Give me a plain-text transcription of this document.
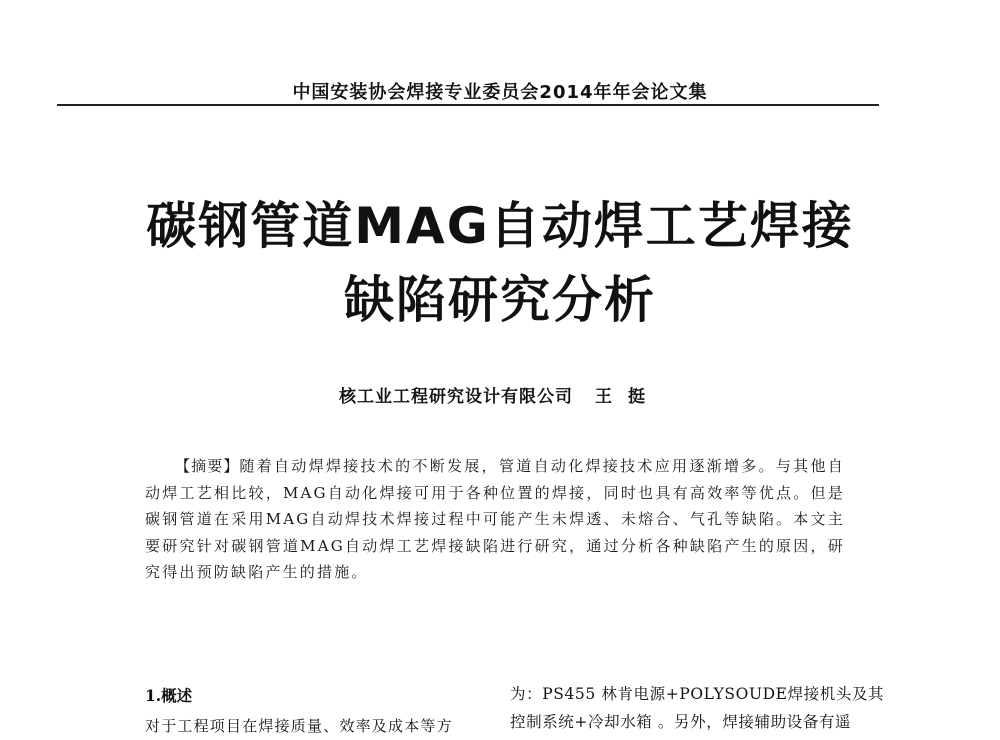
中国安装协会焊接专业委员会2014年年会论文集
碳钢管道MAG自动焊工艺焊接
缺陷研究分析
核工业工程研究设计有限公司 王挺
【摘要】随着自动焊焊接技术的不断发展，管道自动化焊接技术应用逐渐增多。与其他自动焊工艺相比较，MAG自动化焊接可用于各种位置的焊接，同时也具有高效率等优点。但是碳钢管道在采用MAG自动焊技术焊接过程中可能产生未焊透、未熔合、气孔等缺陷。本文主要研究针对碳钢管道MAG自动焊工艺焊接缺陷进行研究，通过分析各种缺陷产生的原因，研究得出预防缺陷产生的措施。

1.概述

对于工程项目在焊接质量、效率及成本等方

为：PS455 林肯电源+POLYSOUDE焊接机头及其
控制系统+冷却水箱 。另外，焊接辅助设备有遥
